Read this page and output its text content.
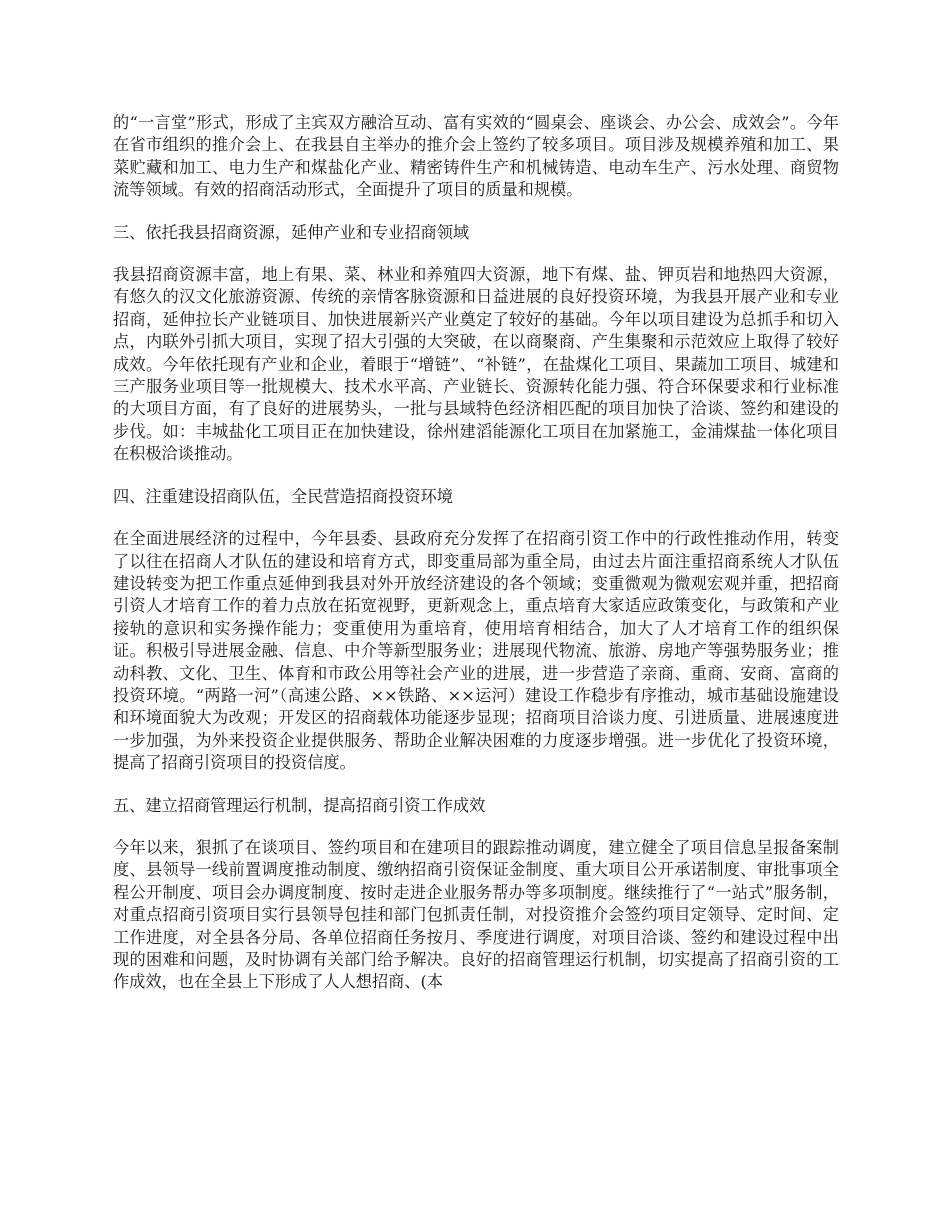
的“一言堂”形式，形成了主宾双方融洽互动、富有实效的“圆桌会、座谈会、办公会、成效会”。今年在省市组织的推介会上、在我县自主举办的推介会上签约了较多项目。项目涉及规模养殖和加工、果菜贮藏和加工、电力生产和煤盐化产业、精密铸件生产和机械铸造、电动车生产、污水处理、商贸物流等领域。有效的招商活动形式，全面提升了项目的质量和规模。

三、依托我县招商资源，延伸产业和专业招商领域

我县招商资源丰富，地上有果、菜、林业和养殖四大资源，地下有煤、盐、钾页岩和地热四大资源，有悠久的汉文化旅游资源、传统的亲情客脉资源和日益进展的良好投资环境，为我县开展产业和专业招商，延伸拉长产业链项目、加快进展新兴产业奠定了较好的基础。今年以项目建设为总抓手和切入点，内联外引抓大项目，实现了招大引强的大突破，在以商聚商、产生集聚和示范效应上取得了较好成效。今年依托现有产业和企业，着眼于“增链”、“补链”，在盐煤化工项目、果蔬加工项目、城建和三产服务业项目等一批规模大、技术水平高、产业链长、资源转化能力强、符合环保要求和行业标准的大项目方面，有了良好的进展势头，一批与县域特色经济相匹配的项目加快了洽谈、签约和建设的步伐。如：丰城盐化工项目正在加快建设，徐州建滔能源化工项目在加紧施工，金浦煤盐一体化项目在积极洽谈推动。

四、注重建设招商队伍，全民营造招商投资环境

在全面进展经济的过程中，今年县委、县政府充分发挥了在招商引资工作中的行政性推动作用，转变了以往在招商人才队伍的建设和培育方式，即变重局部为重全局，由过去片面注重招商系统人才队伍建设转变为把工作重点延伸到我县对外开放经济建设的各个领域；变重微观为微观宏观并重，把招商引资人才培育工作的着力点放在拓宽视野，更新观念上，重点培育大家适应政策变化，与政策和产业接轨的意识和实务操作能力；变重使用为重培育，使用培育相结合，加大了人才培育工作的组织保证。积极引导进展金融、信息、中介等新型服务业；进展现代物流、旅游、房地产等强势服务业；推动科教、文化、卫生、体育和市政公用等社会产业的进展，进一步营造了亲商、重商、安商、富商的投资环境。“两路一河”（高速公路、××铁路、××运河）建设工作稳步有序推动，城市基础设施建设和环境面貌大为改观；开发区的招商载体功能逐步显现；招商项目洽谈力度、引进质量、进展速度进一步加强，为外来投资企业提供服务、帮助企业解决困难的力度逐步增强。进一步优化了投资环境，提高了招商引资项目的投资信度。

五、建立招商管理运行机制，提高招商引资工作成效

今年以来，狠抓了在谈项目、签约项目和在建项目的跟踪推动调度，建立健全了项目信息呈报备案制度、县领导一线前置调度推动制度、缴纳招商引资保证金制度、重大项目公开承诺制度、审批事项全程公开制度、项目会办调度制度、按时走进企业服务帮办等多项制度。继续推行了“一站式”服务制，对重点招商引资项目实行县领导包挂和部门包抓责任制，对投资推介会签约项目定领导、定时间、定工作进度，对全县各分局、各单位招商任务按月、季度进行调度，对项目洽谈、签约和建设过程中出现的困难和问题，及时协调有关部门给予解决。良好的招商管理运行机制，切实提高了招商引资的工作成效，也在全县上下形成了人人想招商、(本
